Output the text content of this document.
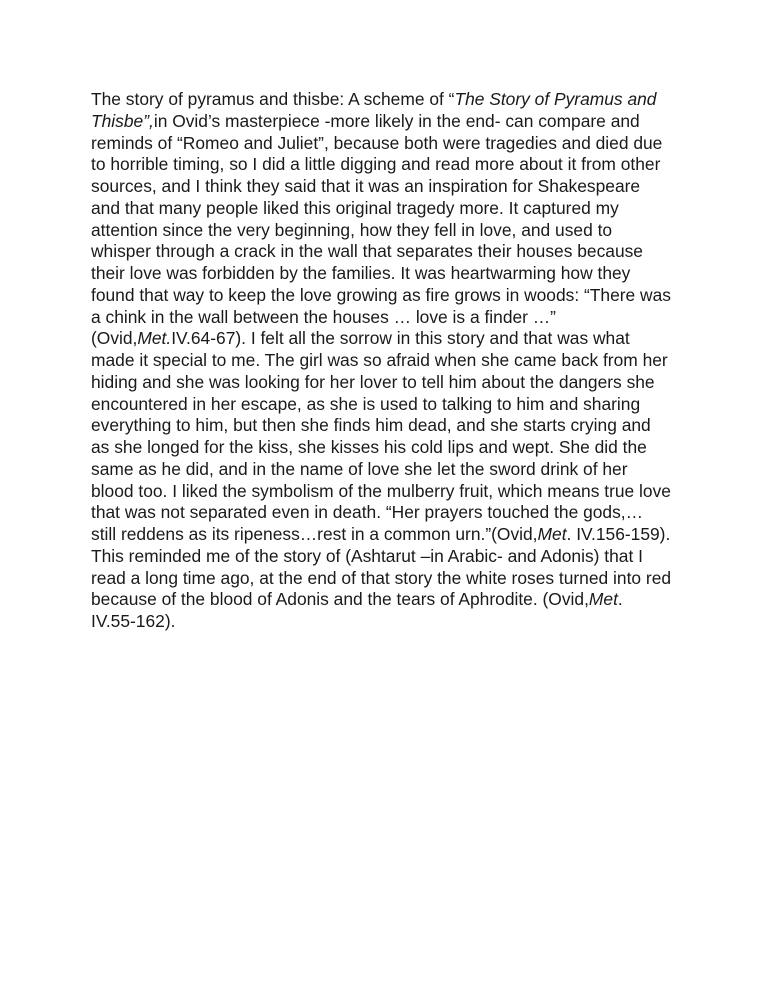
The story of pyramus and thisbe: A scheme of “The Story of Pyramus and
Thisbe”,in Ovid’s masterpiece -more likely in the end- can compare and
reminds of “Romeo and Juliet”, because both were tragedies and died due
to horrible timing, so I did a little digging and read more about it from other
sources, and I think they said that it was an inspiration for Shakespeare
and that many people liked this original tragedy more. It captured my
attention since the very beginning, how they fell in love, and used to
whisper through a crack in the wall that separates their houses because
their love was forbidden by the families. It was heartwarming how they
found that way to keep the love growing as fire grows in woods: “There was
a chink in the wall between the houses … love is a finder …”
(Ovid,Met.IV.64-67). I felt all the sorrow in this story and that was what
made it special to me. The girl was so afraid when she came back from her
hiding and she was looking for her lover to tell him about the dangers she
encountered in her escape, as she is used to talking to him and sharing
everything to him, but then she finds him dead, and she starts crying and
as she longed for the kiss, she kisses his cold lips and wept. She did the
same as he did, and in the name of love she let the sword drink of her
blood too. I liked the symbolism of the mulberry fruit, which means true love
that was not separated even in death. “Her prayers touched the gods,…
still reddens as its ripeness…rest in a common urn.”(Ovid,Met. IV.156-159).
This reminded me of the story of (Ashtarut –in Arabic- and Adonis) that I
read a long time ago, at the end of that story the white roses turned into red
because of the blood of Adonis and the tears of Aphrodite. (Ovid,Met.
IV.55-162).
